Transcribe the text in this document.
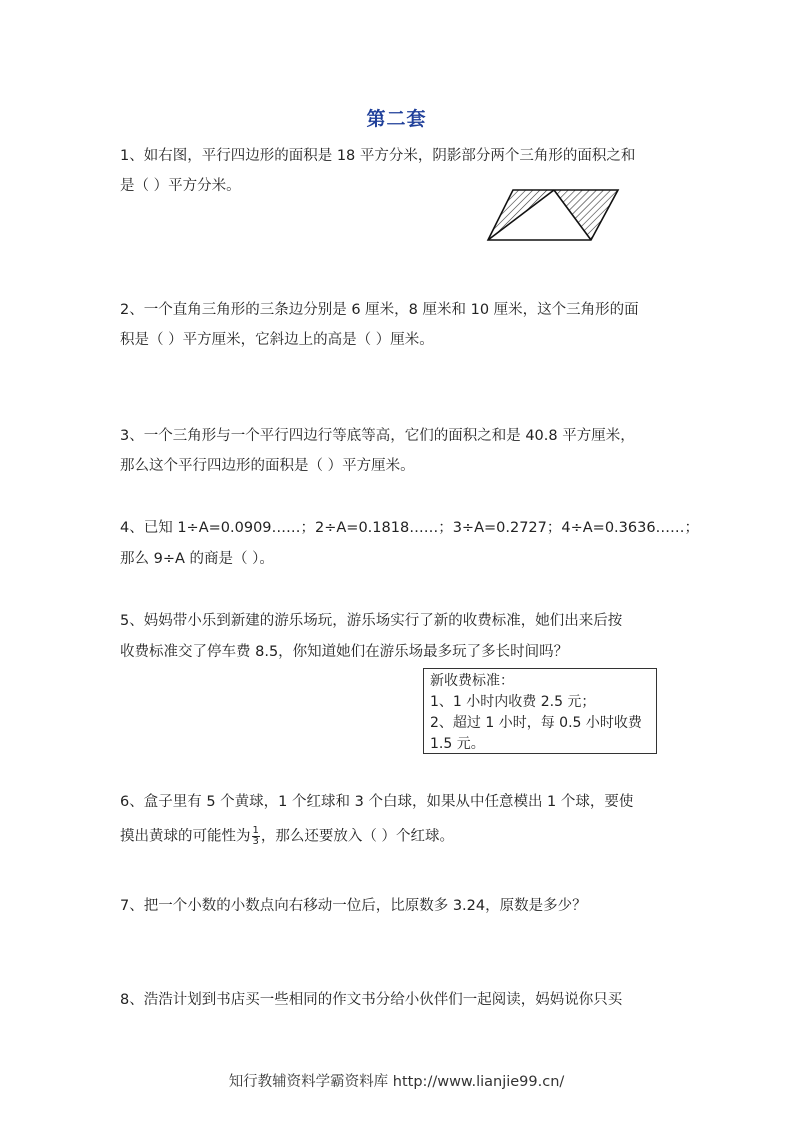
第二套
1、如右图，平行四边形的面积是 18 平方分米，阴影部分两个三角形的面积之和
是（ ）平方分米。
2、一个直角三角形的三条边分别是 6 厘米，8 厘米和 10 厘米，这个三角形的面
积是（ ）平方厘米，它斜边上的高是（ ）厘米。
3、一个三角形与一个平行四边行等底等高，它们的面积之和是 40.8 平方厘米，
那么这个平行四边形的面积是（ ）平方厘米。
4、已知 1÷A=0.0909……；2÷A=0.1818……；3÷A=0.2727；4÷A=0.3636……；
那么 9÷A 的商是（ ）。
5、妈妈带小乐到新建的游乐场玩，游乐场实行了新的收费标准，她们出来后按
收费标准交了停车费 8.5，你知道她们在游乐场最多玩了多长时间吗？
新收费标准：
1、1 小时内收费 2.5 元；
2、超过 1 小时，每 0.5 小时收费
1.5 元。
6、盒子里有 5 个黄球，1 个红球和 3 个白球，如果从中任意模出 1 个球，要使
摸出黄球的可能性为 $\frac{1}{3}$ ，那么还要放入（ ）个红球。
7、把一个小数的小数点向右移动一位后，比原数多 3.24，原数是多少？
8、浩浩计划到书店买一些相同的作文书分给小伙伴们一起阅读，妈妈说你只买
知行教辅资料学霸资料库 http://www.lianjie99.cn/
